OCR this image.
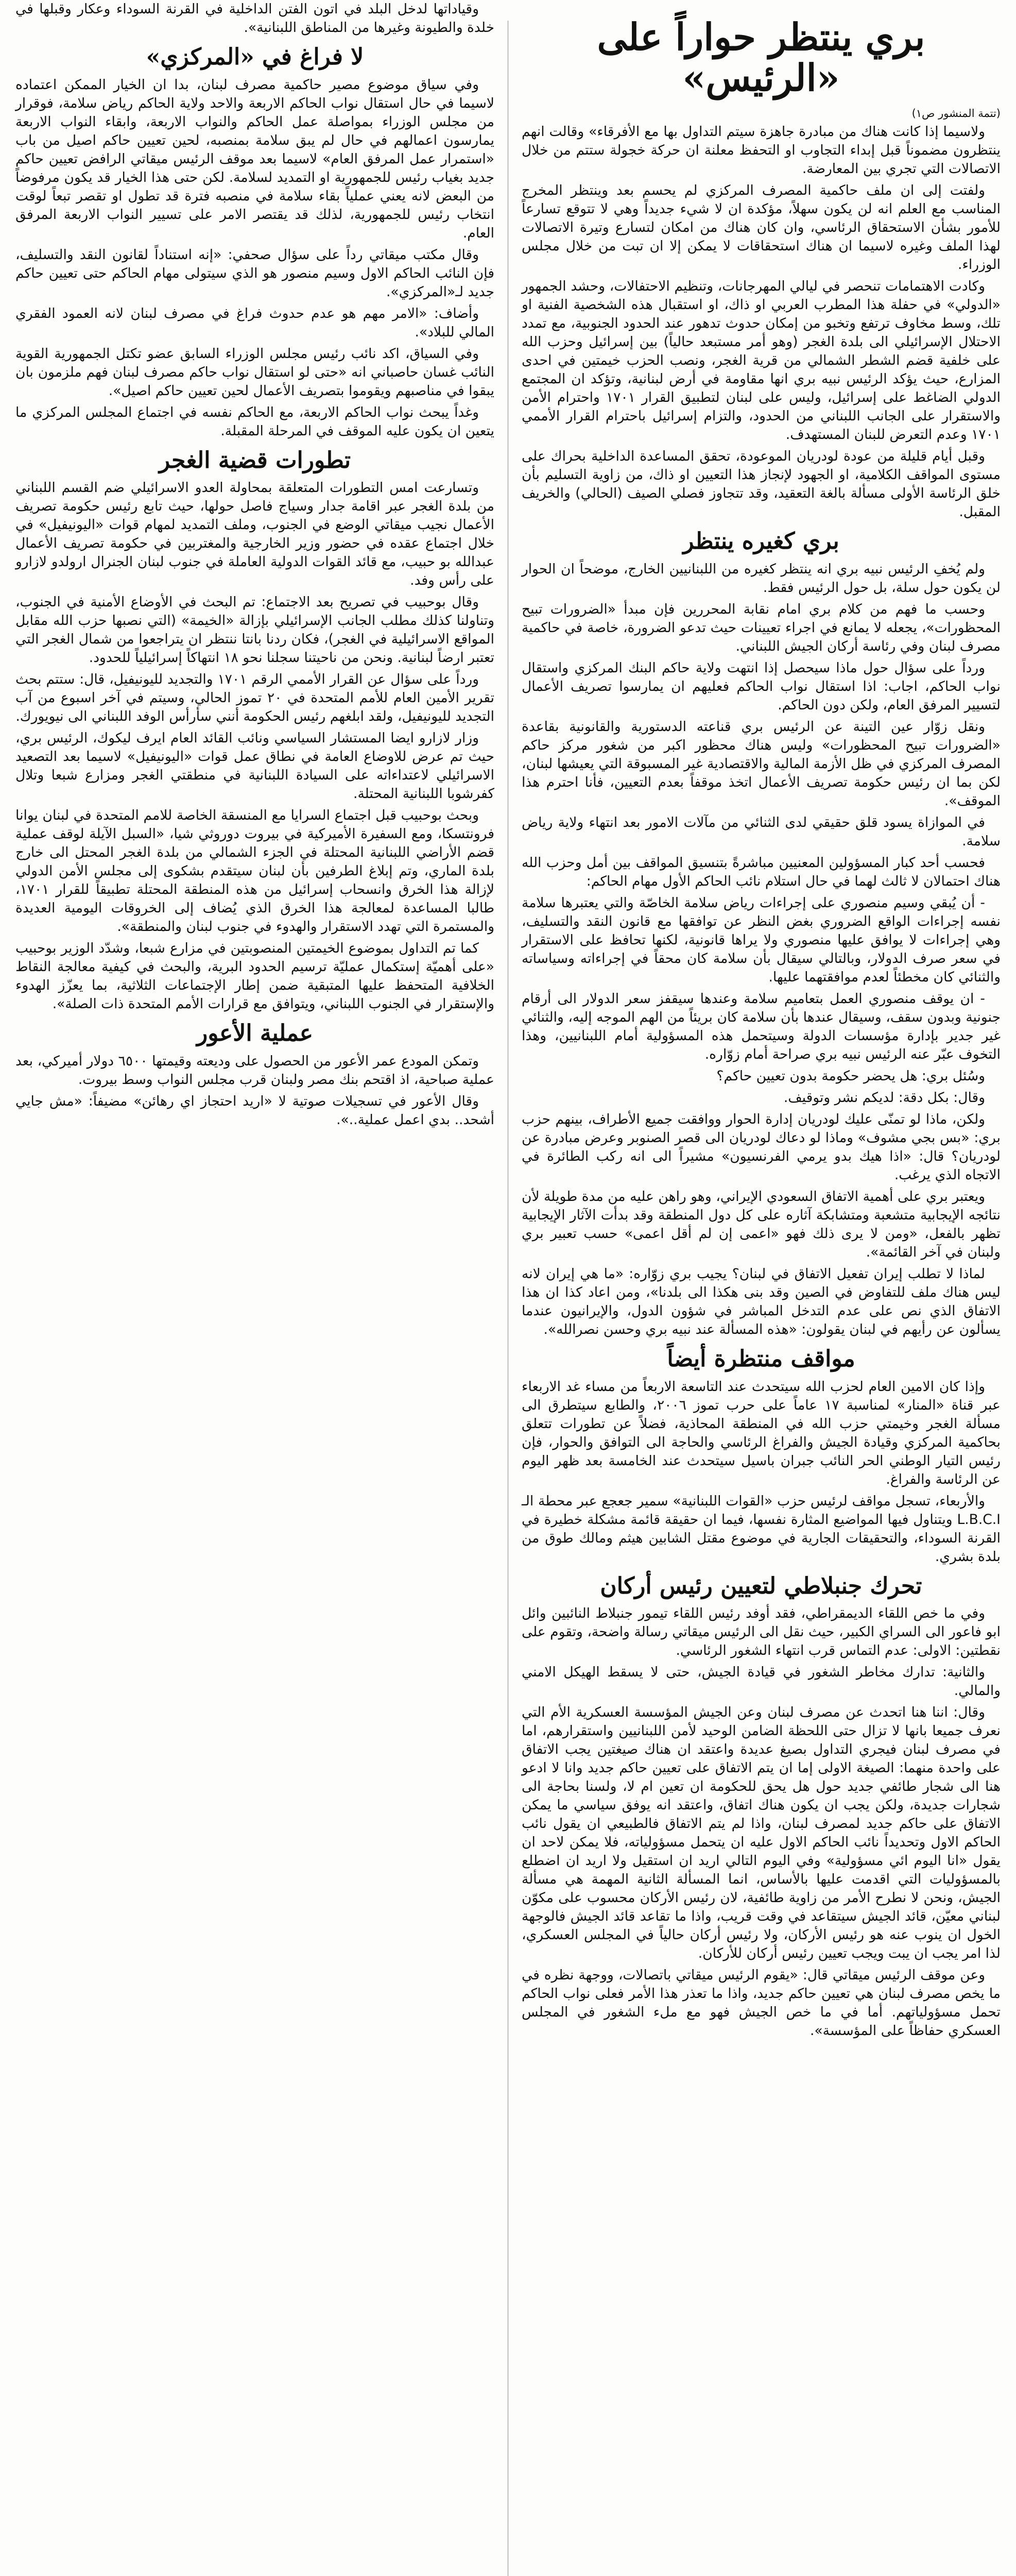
بري ينتظر حواراً على «الرئيس»
(تتمة المنشور ص١)

ولاسيما إذا كانت هناك من مبادرة جاهزة سيتم التداول بها مع الأفرقاء» وقالت انهم ينتظرون مضموناً قبل إبداء التجاوب او التحفظ معلنة ان حركة خجولة ستتم من خلال الاتصالات التي تجري بين المعارضة.

ولفتت إلى ان ملف حاكمية المصرف المركزي لم يحسم بعد وينتظر المخرج المناسب مع العلم انه لن يكون سهلاً، مؤكدة ان لا شيء جديداً وهي لا تتوقع تسارعاً للأمور بشأن الاستحقاق الرئاسي، وان كان هناك من امكان لتسارع وتيرة الاتصالات لهذا الملف وغيره لاسيما ان هناك استحقاقات لا يمكن إلا ان تبت من خلال مجلس الوزراء.

وكادت الاهتمامات تنحصر في ليالي المهرجانات، وتنظيم الاحتفالات، وحشد الجمهور «الدولي» في حفلة هذا المطرب العربي او ذاك، او استقبال هذه الشخصية الفنية او تلك، وسط مخاوف ترتفع وتخبو من إمكان حدوث تدهور عند الحدود الجنوبية، مع تمدد الاحتلال الإسرائيلي الى بلدة الغجر (وهو أمر مستبعد حالياً) بين إسرائيل وحزب الله على خلفية قضم الشطر الشمالي من قرية الغجر، ونصب الحزب خيمتين في احدى المزارع، حيث يؤكد الرئيس نبيه بري انها مقاومة في أرض لبنانية، وتؤكد ان المجتمع الدولي الضاغط على إسرائيل، وليس على لبنان لتطبيق القرار ١٧٠١ واحترام الأمن والاستقرار على الجانب اللبناني من الحدود، والتزام إسرائيل باحترام القرار الأممي ١٧٠١ وعدم التعرض للبنان المستهدف.

وقبل أيام قليلة من عودة لودريان الموعودة، تحقق المساعدة الداخلية بحراك على مستوى المواقف الكلامية، او الجهود لإنجاز هذا التعيين او ذاك، من زاوية التسليم بأن خلق الرئاسة الأولى مسألة بالغة التعقيد، وقد تتجاوز فصلي الصيف (الحالي) والخريف المقبل.

بري كغيره ينتظر

ولم يُخفِ الرئيس نبيه بري انه ينتظر كغيره من اللبنانيين الخارج، موضحاً ان الحوار لن يكون حول سلة، بل حول الرئيس فقط.

وحسب ما فهم من كلام بري امام نقابة المحررين فإن مبدأ «الضرورات تبيح المحظورات»، يجعله لا يمانع في اجراء تعيينات حيث تدعو الضرورة، خاصة في حاكمية مصرف لبنان وفي رئاسة أركان الجيش اللبناني.

ورداً على سؤال حول ماذا سيحصل إذا انتهت ولاية حاكم البنك المركزي واستقال نواب الحاكم، اجاب: اذا استقال نواب الحاكم فعليهم ان يمارسوا تصريف الأعمال لتسيير المرفق العام، ولكن دون الحاكم.

ونقل زوّار عين التينة عن الرئيس بري قناعته الدستورية والقانونية بقاعدة «الضرورات تبيح المحظورات» وليس هناك محظور اكبر من شغور مركز حاكم المصرف المركزي في ظل الأزمة المالية والاقتصادية غير المسبوقة التي يعيشها لبنان، لكن بما ان رئيس حكومة تصريف الأعمال اتخذ موقفاً بعدم التعيين، فأنا احترم هذا الموقف».

في الموازاة يسود قلق حقيقي لدى الثنائي من مآلات الامور بعد انتهاء ولاية رياض سلامة.

فحسب أحد كبار المسؤولين المعنيين مباشرةً بتنسيق المواقف بين أمل وحزب الله هناك احتمالان لا ثالث لهما في حال استلام نائب الحاكم الأول مهام الحاكم:

- أن يُبقي وسيم منصوري على إجراءات رياض سلامة الخاصّة والتي يعتبرها سلامة نفسه إجراءات الواقع الضروري بغض النظر عن توافقها مع قانون النقد والتسليف، وهي إجراءات لا يوافق عليها منصوري ولا يراها قانونية، لكنها تحافظ على الاستقرار في سعر صرف الدولار، وبالتالي سيقال بأن سلامة كان محقاً في إجراءاته وسياساته والثنائي كان مخطئاً لعدم موافقتهما عليها.

- ان يوقف منصوري العمل بتعاميم سلامة وعندها سيقفز سعر الدولار الى أرقام جنونية وبدون سقف، وسيقال عندها بأن سلامة كان بريئاً من الهم الموجه إليه، والثنائي غير جدير بإدارة مؤسسات الدولة وسيتحمل هذه المسؤولية أمام اللبنانيين، وهذا التخوف عبّر عنه الرئيس نبيه بري صراحة أمام زوّاره.

وسُئل بري: هل يحضر حكومة بدون تعيين حاكم؟

وقال: بكل دقة: لديكم نشر وتوقيف.

ولكن، ماذا لو تمنّى عليك لودريان إدارة الحوار ووافقت جميع الأطراف، بينهم حزب بري: «بس بجي مشوف» وماذا لو دعاك لودريان الى قصر الصنوبر وعرض مبادرة عن لودريان؟ قال: «اذا هيك بدو يرمي الفرنسيون» مشيراً الى انه ركب الطائرة في الاتجاه الذي يرغب.

ويعتبر بري على أهمية الاتفاق السعودي الإيراني، وهو راهن عليه من مدة طويلة لأن نتائجه الإيجابية متشعبة ومتشابكة آثاره على كل دول المنطقة وقد بدأت الآثار الإيجابية تظهر بالفعل، «ومن لا يرى ذلك فهو «اعمى إن لم أقل اعمى» حسب تعبير بري ولبنان في آخر القائمة».

لماذا لا تطلب إيران تفعيل الاتفاق في لبنان؟ يجيب بري زوّاره: «ما هي إيران لانه ليس هناك ملف للتفاوض في الصين وقد بنى هكذا الى بلدنا»، ومن اعاد كذا ان هذا الاتفاق الذي نص على عدم التدخل المباشر في شؤون الدول، والإيرانيون عندما يسألون عن رأيهم في لبنان يقولون: «هذه المسألة عند نبيه بري وحسن نصرالله».

مواقف منتظرة أيضاً

وإذا كان الامين العام لحزب الله سيتحدث عند التاسعة الاربعاً من مساء غد الاربعاء عبر قناة «المنار» لمناسبة ١٧ عاماً على حرب تموز ٢٠٠٦، والطابع سيتطرق الى مسألة الغجر وخيمتي حزب الله في المنطقة المحاذية، فضلاً عن تطورات تتعلق بحاكمية المركزي وقيادة الجيش والفراغ الرئاسي والحاجة الى التوافق والحوار، فإن رئيس التيار الوطني الحر النائب جبران باسيل سيتحدث عند الخامسة بعد ظهر اليوم عن الرئاسة والفراغ.

والأربعاء، تسجل مواقف لرئيس حزب «القوات اللبنانية» سمير جعجع عبر محطة الـ L.B.C.I ويتناول فيها المواضيع المثارة نفسها، فيما ان حقيقة قائمة مشكلة خطيرة في القرنة السوداء، والتحقيقات الجارية في موضوع مقتل الشابين هيثم ومالك طوق من بلدة بشري.

تحرك جنبلاطي لتعيين رئيس أركان

وفي ما خص اللقاء الديمقراطي، فقد أوفد رئيس اللقاء تيمور جنبلاط النائبين وائل ابو فاعور الى السراي الكبير، حيث نقل الى الرئيس ميقاتي رسالة واضحة، وتقوم على نقطتين: الاولى: عدم التماس قرب انتهاء الشغور الرئاسي.

والثانية: تدارك مخاطر الشغور في قيادة الجيش، حتى لا يسقط الهيكل الامني والمالي.

وقال: اننا هنا اتحدث عن مصرف لبنان وعن الجيش المؤسسة العسكرية الأم التي نعرف جميعا بانها لا تزال حتى اللحظة الضامن الوحيد لأمن اللبنانيين واستقرارهم، اما في مصرف لبنان فيجري التداول بصيغ عديدة واعتقد ان هناك صيغتين يجب الاتفاق على واحدة منهما: الصيغة الاولى إما ان يتم الاتفاق على تعيين حاكم جديد وانا لا ادعو هنا الى شجار طائفي جديد حول هل يحق للحكومة ان تعين ام لا، ولسنا بحاجة الى شجارات جديدة، ولكن يجب ان يكون هناك اتفاق، واعتقد انه يوفق سياسي ما يمكن الاتفاق على حاكم جديد لمصرف لبنان، واذا لم يتم الاتفاق فالطبيعي ان يقول نائب الحاكم الاول وتحديداً نائب الحاكم الاول عليه ان يتحمل مسؤولياته، فلا يمكن لاحد ان يقول «انا اليوم ائي مسؤولية» وفي اليوم التالي اريد ان استقيل ولا اريد ان اضطلع بالمسؤوليات التي اقدمت عليها بالأساس، انما المسألة الثانية المهمة هي مسألة الجيش، ونحن لا نطرح الأمر من زاوية طائفية، لان رئيس الأركان محسوب على مكوّن لبناني معيّن، قائد الجيش سيتقاعد في وقت قريب، واذا ما تقاعد قائد الجيش فالوجهة الخول ان ينوب عنه هو رئيس الأركان، ولا رئيس أركان حالياً في المجلس العسكري، لذا امر يجب ان يبت ويجب تعيين رئيس أركان للأركان.

وعن موقف الرئيس ميقاتي قال: «يقوم الرئيس ميقاتي باتصالات، ووجهة نظره في ما يخص مصرف لبنان هي تعيين حاكم جديد، واذا ما تعذر هذا الأمر فعلى نواب الحاكم تحمل مسؤولياتهم. أما في ما خص الجيش فهو مع ملء الشغور في المجلس العسكري حفاظاً على المؤسسة».

وقياداتها لدخل البلد في اتون الفتن الداخلية في القرنة السوداء وعكار وقبلها في خلدة والطيونة وغيرها من المناطق اللبنانية».

لا فراغ في «المركزي»

وفي سياق موضوع مصير حاكمية مصرف لبنان، بدا ان الخيار الممكن اعتماده لاسيما في حال استقال نواب الحاكم الاربعة والاحد ولاية الحاكم رياض سلامة، فوقرار من مجلس الوزراء بمواصلة عمل الحاكم والنواب الاربعة، وابقاء النواب الاربعة يمارسون اعمالهم في حال لم يبق سلامة بمنصبه، لحين تعيين حاكم اصيل من باب «استمرار عمل المرفق العام» لاسيما بعد موقف الرئيس ميقاتي الرافض تعيين حاكم جديد بغياب رئيس للجمهورية او التمديد لسلامة. لكن حتى هذا الخيار قد يكون مرفوضاً من البعض لانه يعني عملياً بقاء سلامة في منصبه فترة قد تطول او تقصر تبعاً لوقت انتخاب رئيس للجمهورية، لذلك قد يقتصر الامر على تسيير النواب الاربعة المرفق العام.

وقال مكتب ميقاتي رداً على سؤال صحفي: «إنه استناداً لقانون النقد والتسليف، فإن النائب الحاكم الاول وسيم منصور هو الذي سيتولى مهام الحاكم حتى تعيين حاكم جديد لـ«المركزي».

وأضاف: «الامر مهم هو عدم حدوث فراغ في مصرف لبنان لانه العمود الفقري المالي للبلاد».

وفي السياق، اكد نائب رئيس مجلس الوزراء السابق عضو تكتل الجمهورية القوية النائب غسان حاصباني انه «حتى لو استقال نواب حاكم مصرف لبنان فهم ملزمون بان يبقوا في مناصبهم ويقوموا بتصريف الأعمال لحين تعيين حاكم اصيل».

وغداً يبحث نواب الحاكم الاربعة، مع الحاكم نفسه في اجتماع المجلس المركزي ما يتعين ان يكون عليه الموقف في المرحلة المقبلة.

تطورات قضية الغجر

وتسارعت امس التطورات المتعلقة بمحاولة العدو الاسرائيلي ضم القسم اللبناني من بلدة الغجر عبر اقامة جدار وسياج فاصل حولها، حيث تابع رئيس حكومة تصريف الأعمال نجيب ميقاتي الوضع في الجنوب، وملف التمديد لمهام قوات «اليونيفيل» في خلال اجتماع عقده في حضور وزير الخارجية والمغتربين في حكومة تصريف الأعمال عبدالله بو حبيب، مع قائد القوات الدولية العاملة في جنوب لبنان الجنرال ارولدو لازارو على رأس وفد.

وقال بوحبيب في تصريح بعد الاجتماع: تم البحث في الأوضاع الأمنية في الجنوب، وتناولنا كذلك مطلب الجانب الإسرائيلي بإزالة «الخيمة» (التي نصبها حزب الله مقابل المواقع الاسرائيلية في الغجر)، فكان ردنا بانتا ننتظر ان يتراجعوا من شمال الغجر التي تعتبر ارضاً لبنانية. ونحن من ناحيتنا سجلنا نحو ١٨ انتهاكاً إسرائيلياً للحدود.

ورداً على سؤال عن القرار الأممي الرقم ١٧٠١ والتجديد لليونيفيل، قال: ستتم بحث تقرير الأمين العام للأمم المتحدة في ٢٠ تموز الحالي، وسيتم في آخر اسبوع من آب التجديد لليونيفيل، ولقد ابلغهم رئيس الحكومة أنني سأرأس الوفد اللبناني الى نيويورك.

وزار لازارو ايضا المستشار السياسي ونائب القائد العام ايرف ليكوك، الرئيس بري، حيث تم عرض للاوضاع العامة في نطاق عمل قوات «اليونيفيل» لاسيما بعد التصعيد الاسرائيلي لاعتداءاته على السيادة اللبنانية في منطقتي الغجر ومزارع شبعا وتلال كفرشوبا اللبنانية المحتلة.

وبحث بوحبيب قبل اجتماع السرايا مع المنسقة الخاصة للامم المتحدة في لبنان يوانا فرونتسكا، ومع السفيرة الأميركية في بيروت دوروثي شيا، «السبل الآيلة لوقف عملية قضم الأراضي اللبنانية المحتلة في الجزء الشمالي من بلدة الغجر المحتل الى خارج بلدة الماري، وتم إبلاغ الطرفين بأن لبنان سيتقدم بشكوى إلى مجلس الأمن الدولي لإزالة هذا الخرق وانسحاب إسرائيل من هذه المنطقة المحتلة تطبيقاً للقرار ١٧٠١، طالبا المساعدة لمعالجة هذا الخرق الذي يُضاف إلى الخروقات اليومية العديدة والمستمرة التي تهدد الاستقرار والهدوء في جنوب لبنان والمنطقة».

كما تم التداول بموضوع الخيمتين المنصوبتين في مزارع شبعا، وشدّد الوزير بوحبيب «على أهميّة إستكمال عمليّة ترسيم الحدود البرية، والبحث في كيفية معالجة النقاط الخلافية المتحفظ عليها المتبقية ضمن إطار الإجتماعات الثلاثية، بما يعزّز الهدوء والإستقرار في الجنوب اللبناني، ويتوافق مع قرارات الأمم المتحدة ذات الصلة».

عملية الأعور

وتمكن المودع عمر الأعور من الحصول على وديعته وقيمتها ٦٥٠٠ دولار أميركي، بعد عملية صباحية، اذ اقتحم بنك مصر ولبنان قرب مجلس النواب وسط بيروت.

وقال الأعور في تسجيلات صوتية لا «اريد احتجاز اي رهائن» مضيفاً: «مش جايي أشحد.. بدي اعمل عملية..».
